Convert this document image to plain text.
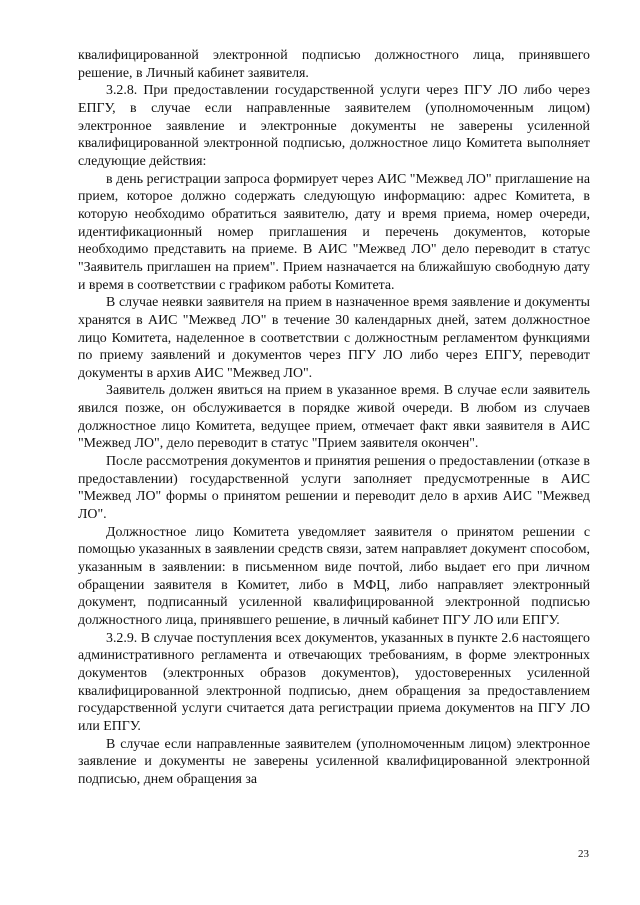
квалифицированной электронной подписью должностного лица, принявшего решение, в Личный кабинет заявителя.

3.2.8. При предоставлении государственной услуги через ПГУ ЛО либо через ЕПГУ, в случае если направленные заявителем (уполномоченным лицом) электронное заявление и электронные документы не заверены усиленной квалифицированной электронной подписью, должностное лицо Комитета выполняет следующие действия:

в день регистрации запроса формирует через АИС "Межвед ЛО" приглашение на прием, которое должно содержать следующую информацию: адрес Комитета, в которую необходимо обратиться заявителю, дату и время приема, номер очереди, идентификационный номер приглашения и перечень документов, которые необходимо представить на приеме. В АИС "Межвед ЛО" дело переводит в статус "Заявитель приглашен на прием". Прием назначается на ближайшую свободную дату и время в соответствии с графиком работы Комитета.

В случае неявки заявителя на прием в назначенное время заявление и документы хранятся в АИС "Межвед ЛО" в течение 30 календарных дней, затем должностное лицо Комитета, наделенное в соответствии с должностным регламентом функциями по приему заявлений и документов через ПГУ ЛО либо через ЕПГУ, переводит документы в архив АИС "Межвед ЛО".

Заявитель должен явиться на прием в указанное время. В случае если заявитель явился позже, он обслуживается в порядке живой очереди. В любом из случаев должностное лицо Комитета, ведущее прием, отмечает факт явки заявителя в АИС "Межвед ЛО", дело переводит в статус "Прием заявителя окончен".

После рассмотрения документов и принятия решения о предоставлении (отказе в предоставлении) государственной услуги заполняет предусмотренные в АИС "Межвед ЛО" формы о принятом решении и переводит дело в архив АИС "Межвед ЛО".

Должностное лицо Комитета уведомляет заявителя о принятом решении с помощью указанных в заявлении средств связи, затем направляет документ способом, указанным в заявлении: в письменном виде почтой, либо выдает его при личном обращении заявителя в Комитет, либо в МФЦ, либо направляет электронный документ, подписанный усиленной квалифицированной электронной подписью должностного лица, принявшего решение, в личный кабинет ПГУ ЛО или ЕПГУ.

3.2.9. В случае поступления всех документов, указанных в пункте 2.6 настоящего административного регламента и отвечающих требованиям, в форме электронных документов (электронных образов документов), удостоверенных усиленной квалифицированной электронной подписью, днем обращения за предоставлением государственной услуги считается дата регистрации приема документов на ПГУ ЛО или ЕПГУ.

В случае если направленные заявителем (уполномоченным лицом) электронное заявление и документы не заверены усиленной квалифицированной электронной подписью, днем обращения за

23
